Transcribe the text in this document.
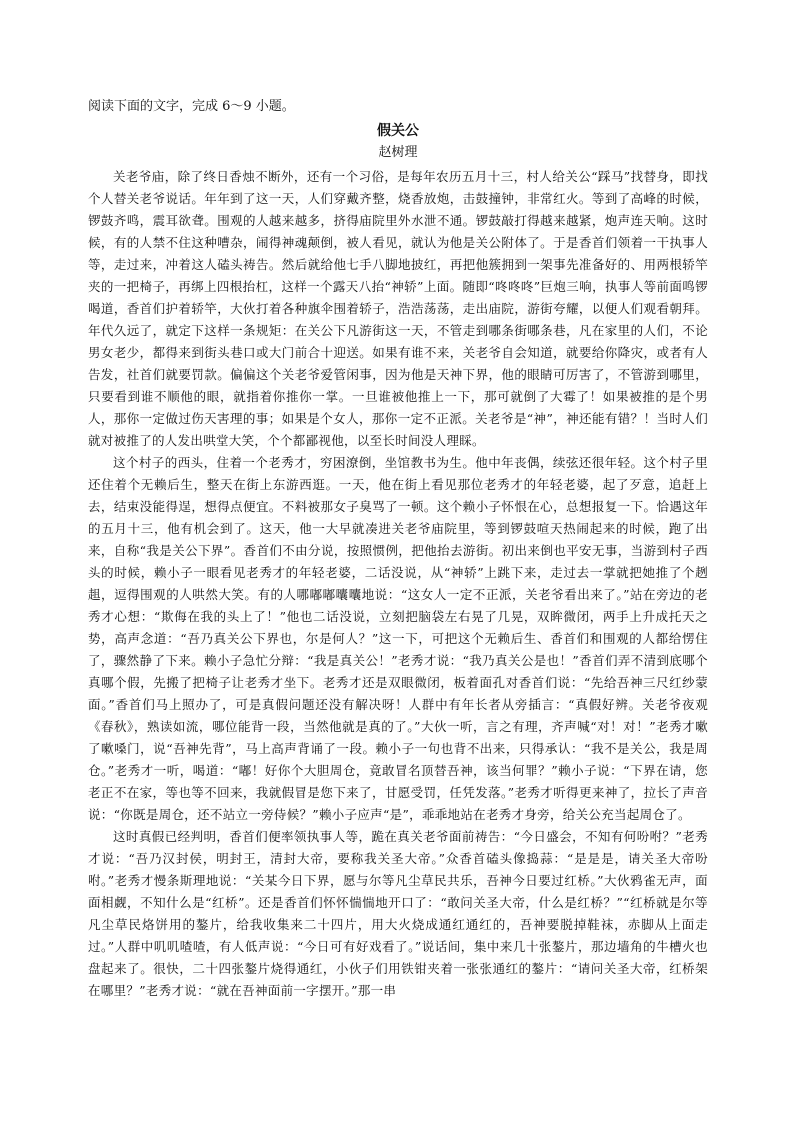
阅读下面的文字，完成 6～9 小题。

假关公

赵树理

关老爷庙，除了终日香烛不断外，还有一个习俗，是每年农历五月十三，村人给关公“踩马”找替身，即找个人替关老爷说话。年年到了这一天，人们穿戴齐整，烧香放炮，击鼓撞钟，非常红火。等到了高峰的时候，锣鼓齐鸣，震耳欲聋。围观的人越来越多，挤得庙院里外水泄不通。锣鼓敲打得越来越紧，炮声连天响。这时候，有的人禁不住这种嘈杂，闹得神魂颠倒，被人看见，就认为他是关公附体了。于是香首们领着一干执事人等，走过来，冲着这人磕头祷告。然后就给他七手八脚地披红，再把他簇拥到一架事先准备好的、用两根轿竿夹的一把椅子，再绑上四根抬杠，这样一个露天八抬“神轿”上面。随即“咚咚咚”巨炮三响，执事人等前面鸣锣喝道，香首们护着轿竿，大伙打着各种旗伞围着轿子，浩浩荡荡，走出庙院，游街夸耀，以便人们观看朝拜。年代久远了，就定下这样一条规矩：在关公下凡游街这一天，不管走到哪条街哪条巷，凡在家里的人们，不论男女老少，都得来到街头巷口或大门前合十迎送。如果有谁不来，关老爷自会知道，就要给你降灾，或者有人告发，社首们就要罚款。偏偏这个关老爷爱管闲事，因为他是天神下界，他的眼睛可厉害了，不管游到哪里，只要看到谁不顺他的眼，就指着你推你一掌。一旦谁被他推上一下，那可就倒了大霉了！如果被推的是个男人，那你一定做过伤天害理的事；如果是个女人，那你一定不正派。关老爷是“神”，神还能有错？！当时人们就对被推了的人发出哄堂大笑，个个都鄙视他，以至长时间没人理睬。

这个村子的西头，住着一个老秀才，穷困潦倒，坐馆教书为生。他中年丧偶，续弦还很年轻。这个村子里还住着个无赖后生，整天在街上东游西逛。一天，他在街上看见那位老秀才的年轻老婆，起了歹意，追赶上去，结束没能得逞，想得点便宜。不料被那女子臭骂了一顿。这个赖小子怀恨在心，总想报复一下。恰遇这年的五月十三，他有机会到了。这天，他一大早就凑进关老爷庙院里，等到锣鼓喧天热闹起来的时候，跑了出来，自称“我是关公下界”。香首们不由分说，按照惯例，把他抬去游街。初出来倒也平安无事，当游到村子西头的时候，赖小子一眼看见老秀才的年轻老婆，二话没说，从“神轿”上跳下来，走过去一掌就把她推了个趔趄，逗得围观的人哄然大笑。有的人哪嘟嘟囔囔地说：“这女人一定不正派，关老爷看出来了。”站在旁边的老秀才心想：“欺侮在我的头上了！”他也二话没说，立刻把脑袋左右晃了几晃，双眸微闭，两手上升成托天之势，高声念道：“吾乃真关公下界也，尔是何人？”这一下，可把这个无赖后生、香首们和围观的人都给愣住了，骤然静了下来。赖小子急忙分辩：“我是真关公！”老秀才说：“我乃真关公是也！”香首们弄不清到底哪个真哪个假，先搬了把椅子让老秀才坐下。老秀才还是双眼微闭，板着面孔对香首们说：“先给吾神三尺红纱蒙面。”香首们马上照办了，可是真假问题还没有解决呀！人群中有年长者从旁插言：“真假好辨。关老爷夜观《春秋》，熟读如流，哪位能背一段，当然他就是真的了。”大伙一听，言之有理，齐声喊“对！对！”老秀才嗽了嗽嗓门，说“吾神先背”，马上高声背诵了一段。赖小子一句也背不出来，只得承认：“我不是关公，我是周仓。”老秀才一听，喝道：“嘟！好你个大胆周仓，竟敢冒名顶替吾神，该当何罪？”赖小子说：“下界在请，您老正不在家，等也等不回来，我就假冒是您下来了，甘愿受罚，任凭发落。”老秀才听得更来神了，拉长了声音说：“你既是周仓，还不站立一旁侍候？”赖小子应声“是”，乖乖地站在老秀才身旁，给关公充当起周仓了。

这时真假已经判明，香首们便率领执事人等，跪在真关老爷面前祷告：“今日盛会，不知有何吩咐？”老秀才说：“吾乃汉封侯，明封王，清封大帝，要称我关圣大帝。”众香首磕头像捣蒜：“是是是，请关圣大帝吩咐。”老秀才慢条斯理地说：“关某今日下界，愿与尔等凡尘草民共乐，吾神今日要过红桥。”大伙鸦雀无声，面面相觑，不知什么是“红桥”。还是香首们怀怀惴惴地开口了：“敢问关圣大帝，什么是红桥？”“红桥就是尔等凡尘草民烙饼用的鏊片，给我收集来二十四片，用大火烧成通红通红的，吾神要脱掉鞋袜，赤脚从上面走过。”人群中叽叽喳喳，有人低声说：“今日可有好戏看了。”说话间，集中来几十张鏊片，那边墙角的牛槽火也盘起来了。很快，二十四张鏊片烧得通红，小伙子们用铁钳夹着一张张通红的鏊片：“请问关圣大帝，红桥架在哪里？”老秀才说：“就在吾神面前一字摆开。”那一串
